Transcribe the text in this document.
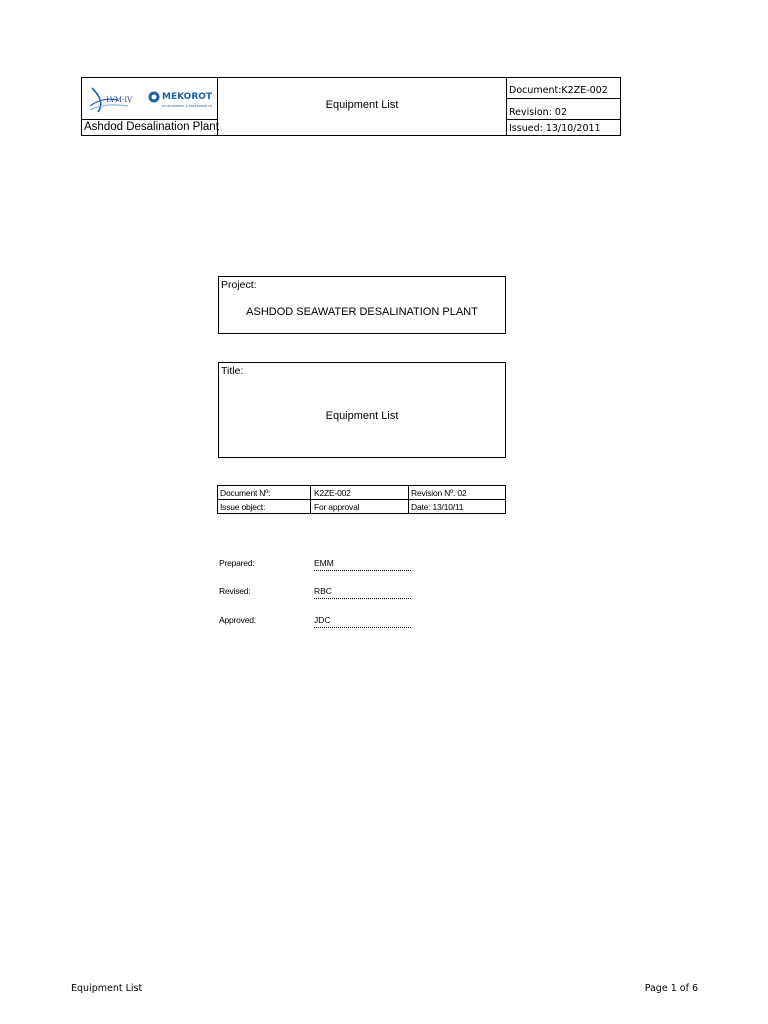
LVM-IV	MEKOROT
DEVELOPMENT & ENTERPRISE LTD.
Ashdod Desalination Plant
Equipment List
Document:K2ZE-002
Revision: 02
Issued: 13/10/2011
Project:
ASHDOD SEAWATER DESALINATION PLANT
Title:
Equipment List
Document Nº:	K2ZE-002	Revision Nº. 02
Issue object:	For approval	Date: 13/10/11
Prepared:	EMM
Revised:	RBC
Approved:	JDC
Equipment List	Page 1 of 6
